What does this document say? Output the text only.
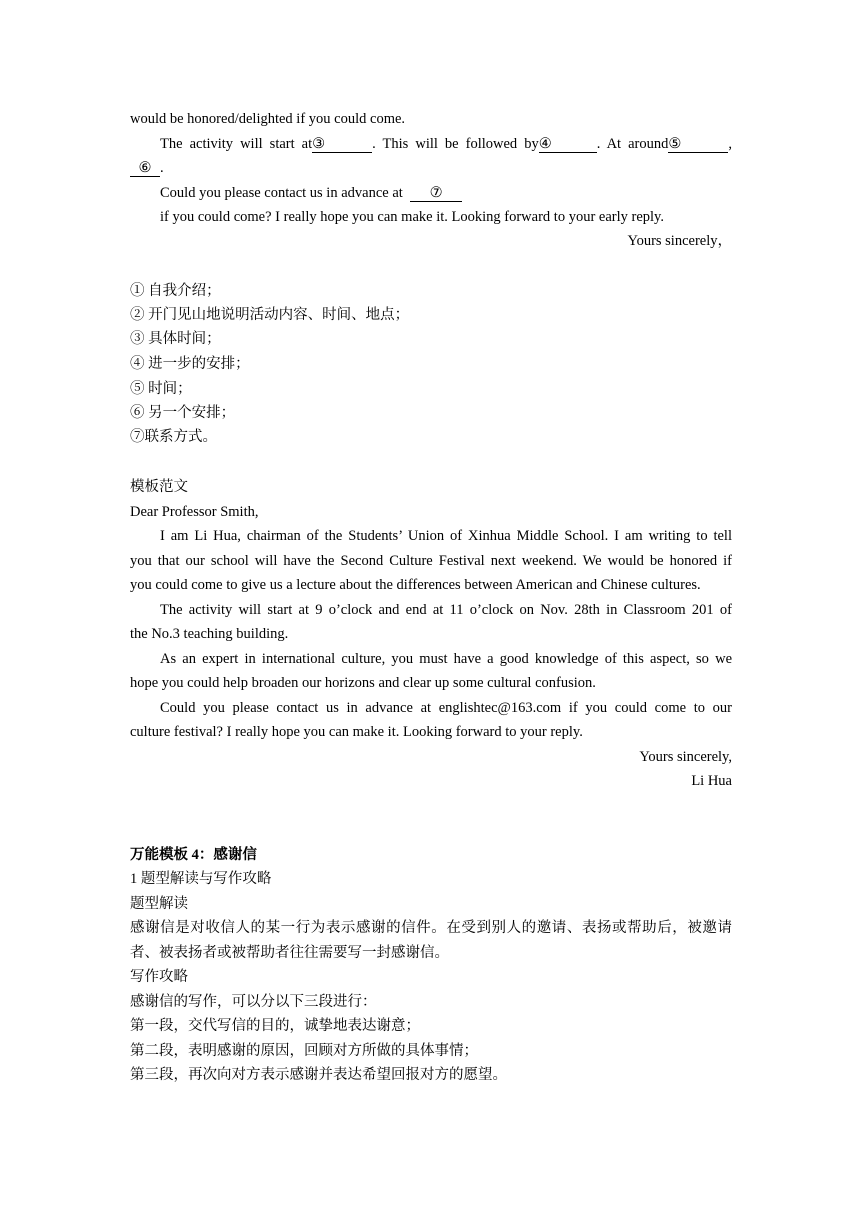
would be honored/delighted if you could come.
The activity will start at③	. This will be followed by④	. At around⑤	,
⑥ .
Could you please contact us in advance at ⑦
if you could come? I really hope you can make it. Looking forward to your early reply.
Yours sincerely，
① 自我介绍；
② 开门见山地说明活动内容、时间、地点；
③ 具体时间；
④ 进一步的安排；
⑤ 时间；
⑥ 另一个安排；
⑦联系方式。
模板范文
Dear Professor Smith,
I am Li Hua, chairman of the Students’ Union of Xinhua Middle School. I am writing to tell
you that our school will have the Second Culture Festival next weekend. We would be honored if
you could come to give us a lecture about the differences between American and Chinese cultures.
The activity will start at 9 o’clock and end at 11 o’clock on Nov. 28th in Classroom 201 of
the No.3 teaching building.
As an expert in international culture, you must have a good knowledge of this aspect, so we
hope you could help broaden our horizons and clear up some cultural confusion.
Could you please contact us in advance at englishtec@163.com if you could come to our
culture festival? I really hope you can make it. Looking forward to your reply.
Yours sincerely,
Li Hua
万能模板 4：感谢信
1 题型解读与写作攻略
题型解读
感谢信是对收信人的某一行为表示感谢的信件。在受到别人的邀请、表扬或帮助后，被邀请
者、被表扬者或被帮助者往往需要写一封感谢信。
写作攻略
感谢信的写作，可以分以下三段进行：
第一段，交代写信的目的，诚挚地表达谢意；
第二段，表明感谢的原因，回顾对方所做的具体事情；
第三段，再次向对方表示感谢并表达希望回报对方的愿望。
